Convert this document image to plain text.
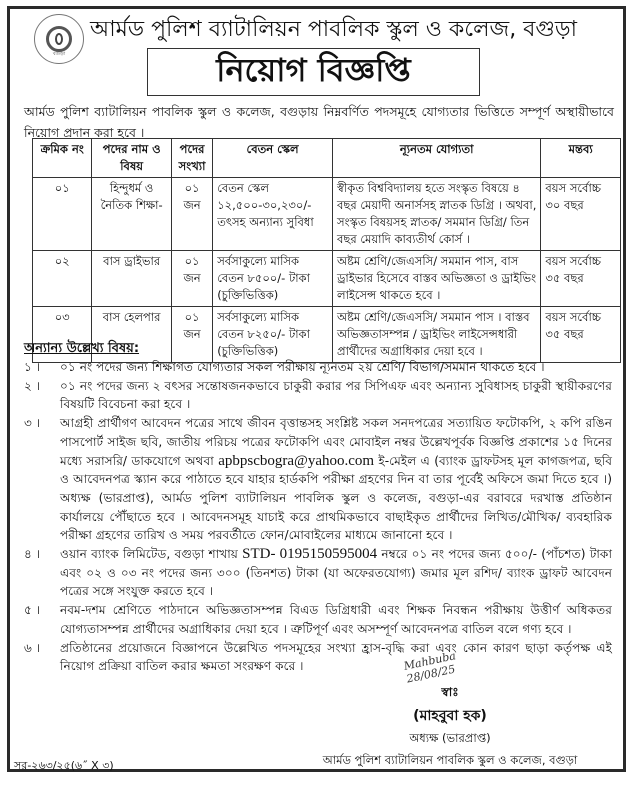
বগুড়া
আর্মড পুলিশ ব্যাটালিয়ন পাবলিক স্কুল ও কলেজ, বগুড়া
নিয়োগ বিজ্ঞপ্তি
আর্মড পুলিশ ব্যাটালিয়ন পাবলিক স্কুল ও কলেজ, বগুড়ায় নিম্নবর্ণিত পদসমূহে যোগ্যতার ভিত্তিতে সম্পূর্ণ অস্থায়ীভাবে নিয়োগ প্রদান করা হবে ।
ক্রমিক নং	পদের নাম ও বিষয়	পদের সংখ্যা	বেতন স্কেল	ন্যূনতম যোগ্যতা	মন্তব্য
০১	হিন্দুধর্ম ও নৈতিক শিক্ষা-	০১ জন	বেতন স্কেল ১২,৫০০-৩০,২৩০/- তৎসহ অন্যান্য সুবিধা	স্বীকৃত বিশ্ববিদ্যালয় হতে সংস্কৃত বিষয়ে ৪ বছর মেয়াদী অনার্সসহ স্নাতক ডিগ্রি । অথবা, সংস্কৃত বিষয়সহ স্নাতক/ সমমান ডিগ্রি/ তিন বছর মেয়াদি কাব্যতীর্থ কোর্স ।	বয়স সর্বোচ্চ ৩০ বছর
০২	বাস ড্রাইভার	০১ জন	সর্বসাকুল্যে মাসিক বেতন ৮৫০০/- টাকা (চুক্তিভিত্তিক)	অষ্টম শ্রেণি/জেএসসি/ সমমান পাস, বাস ড্রাইভার হিসেবে বাস্তব অভিজ্ঞতা ও ড্রাইভিং লাইসেন্স থাকতে হবে ।	বয়স সর্বোচ্চ ৩৫ বছর
০৩	বাস হেলপার	০১ জন	সর্বসাকুল্যে মাসিক বেতন ৮২৫০/- টাকা (চুক্তিভিত্তিক)	অষ্টম শ্রেণি/জেএসসি/ সমমান পাস । বাস্তব অভিজ্ঞতাসম্পন্ন / ড্রাইভিং লাইসেন্সধারী প্রার্থীদের অগ্রাধিকার দেয়া হবে ।	বয়স সর্বোচ্চ ৩৫ বছর
অন্যান্য উল্লেখ্য বিষয়:
১ ।	০১ নং পদের জন্য শিক্ষাগত যোগ্যতার সকল পরীক্ষায় ন্যূনতম ২য় শ্রেণি/ বিভাগ/সমমান থাকতে হবে ।
২ ।	০১ নং পদের জন্য ২ বৎসর সন্তোষজনকভাবে চাকুরী করার পর সিপিএফ এবং অন্যান্য সুবিধাসহ চাকুরী স্থায়ীকরণের বিষয়টি বিবেচনা করা হবে ।
৩ ।	আগ্রহী প্রার্থীগণ আবেদন পত্রের সাথে জীবন বৃত্তান্তসহ সংশ্লিষ্ট সকল সনদপত্রের সত্যায়িত ফটোকপি, ২ কপি রঙিন পাসপোর্ট সাইজ ছবি, জাতীয় পরিচয় পত্রের ফটোকপি এবং মোবাইল নম্বর উল্লেখপূর্বক বিজ্ঞপ্তি প্রকাশের ১৫ দিনের মধ্যে সরাসরি/ ডাকযোগে অথবা apbpscbogra@yahoo.com ই-মেইল এ (ব্যাংক ড্রাফটসহ মূল কাগজপত্র, ছবি ও আবেদনপত্র স্ক্যান করে পাঠাতে হবে যাহার হার্ডকপি পরীক্ষা গ্রহণের দিন বা তার পূর্বেই অফিসে জমা দিতে হবে ।) অধ্যক্ষ (ভারপ্রাপ্ত), আর্মড পুলিশ ব্যাটালিয়ন পাবলিক স্কুল ও কলেজ, বগুড়া-এর বরাবরে দরখাস্ত প্রতিষ্ঠান কার্যালয়ে পৌঁছাতে হবে । আবেদনসমূহ যাচাই করে প্রাথমিকভাবে বাছাইকৃত প্রার্থীদের লিখিত/মৌখিক/ ব্যবহারিক পরীক্ষা গ্রহণের তারিখ ও সময় পরবর্তীতে ফোন/মোবাইলের মাধ্যমে জানানো হবে ।
৪ ।	ওয়ান ব্যাংক লিমিটেড, বগুড়া শাখায় STD- 0195150595004 নম্বরে ০১ নং পদের জন্য ৫০০/- (পাঁচশত) টাকা এবং ০২ ও ০৩ নং পদের জন্য ৩০০ (তিনশত) টাকা (যা অফেরতযোগ্য) জমার মূল রশিদ/ ব্যাংক ড্রাফট আবেদন পত্রের সঙ্গে সংযুক্ত করতে হবে ।
৫ ।	নবম-দশম শ্রেণিতে পাঠদানে অভিজ্ঞতাসম্পন্ন বিএড ডিগ্রিধারী এবং শিক্ষক নিবন্ধন পরীক্ষায় উত্তীর্ণ অধিকতর যোগ্যতাসম্পন্ন প্রার্থীদের অগ্রাধিকার দেয়া হবে । ত্রুটিপূর্ণ এবং অসম্পূর্ণ আবেদনপত্র বাতিল বলে গণ্য হবে ।
৬ ।	প্রতিষ্ঠানের প্রয়োজনে বিজ্ঞাপনে উল্লেখিত পদসমূহের সংখ্যা হ্রাস-বৃদ্ধি করা এবং কোন কারণ ছাড়া কর্তৃপক্ষ এই নিয়োগ প্রক্রিয়া বাতিল করার ক্ষমতা সংরক্ষণ করে ।	Mahbuba 28/08/25
স্বাঃ
(মাহবুবা হক)
অধ্যক্ষ (ভারপ্রাপ্ত)
আর্মড পুলিশ ব্যাটালিয়ন পাবলিক স্কুল ও কলেজ, বগুড়া
সর-২৬৩/২৫(৬˝ X ৩)
